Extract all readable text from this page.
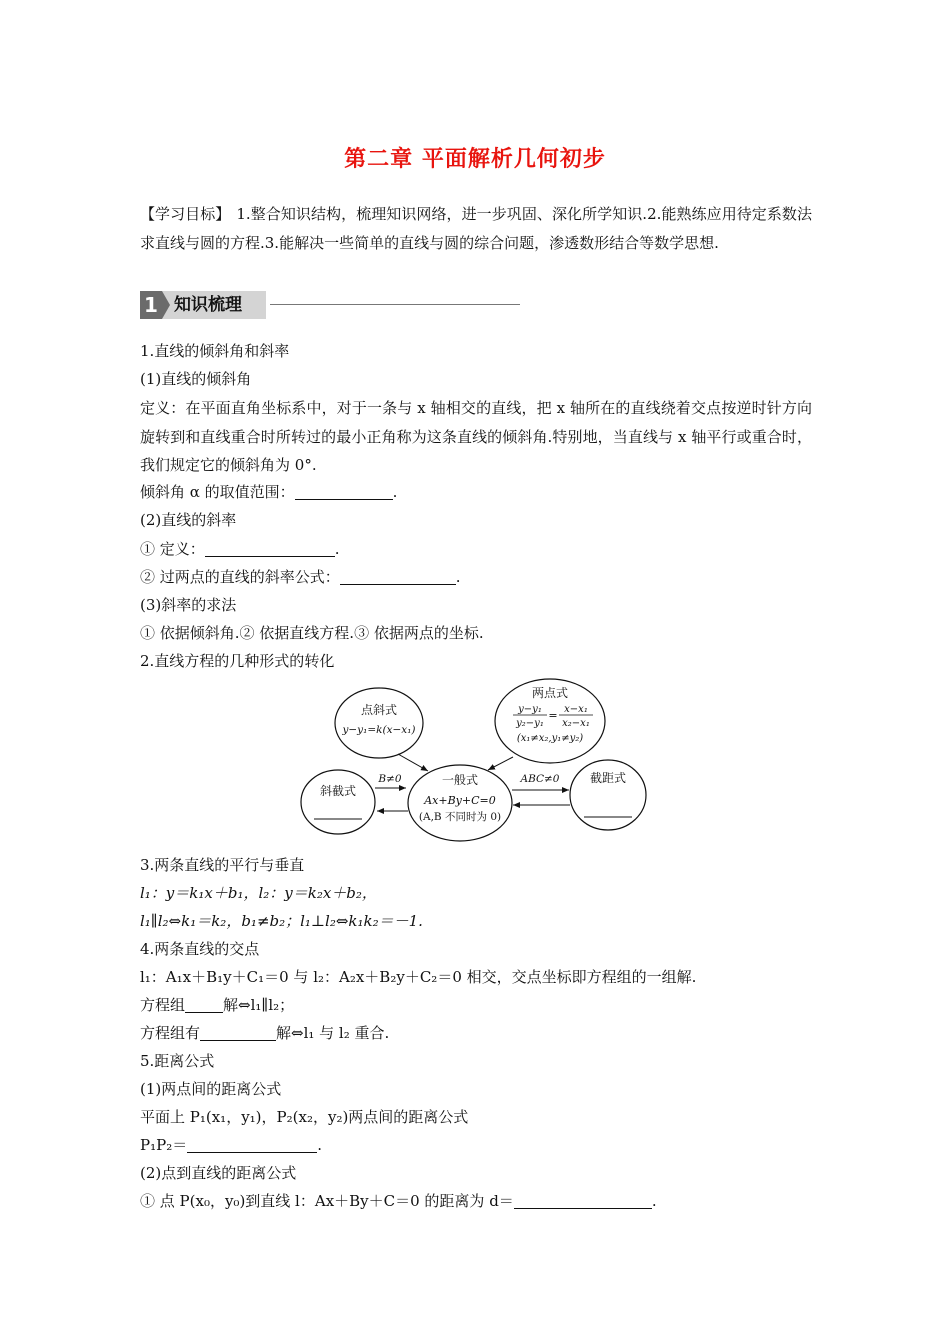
第二章 平面解析几何初步
【学习目标】 1.整合知识结构，梳理知识网络，进一步巩固、深化所学知识.2.能熟练应用待定系数法求直线与圆的方程.3.能解决一些简单的直线与圆的综合问题，渗透数形结合等数学思想.
1 知识梳理
1.直线的倾斜角和斜率
(1)直线的倾斜角
定义：在平面直角坐标系中，对于一条与 x 轴相交的直线，把 x 轴所在的直线绕着交点按逆时针方向旋转到和直线重合时所转过的最小正角称为这条直线的倾斜角.特别地，当直线与 x 轴平行或重合时，我们规定它的倾斜角为 0°.
倾斜角 α 的取值范围：	.
(2)直线的斜率
① 定义：	.
② 过两点的直线的斜率公式：	.
(3)斜率的求法
① 依据倾斜角.② 依据直线方程.③ 依据两点的坐标.
2.直线方程的几种形式的转化
点斜式
y−y₁=k(x−x₁)
两点式
y−y₁
y₂−y₁
= x−x₁
x₂−x₁
(x₁≠x₂,y₁≠y₂)
斜截式
一般式
Ax+By+C=0
(A,B 不同时为 0)
截距式
B≠0	ABC≠0
3.两条直线的平行与垂直
l₁：y＝k₁x＋b₁，l₂：y＝k₂x＋b₂，
l₁∥l₂⇔k₁＝k₂，b₁≠b₂；l₁⊥l₂⇔k₁k₂＝－1.
4.两条直线的交点
l₁：A₁x＋B₁y＋C₁＝0 与 l₂：A₂x＋B₂y＋C₂＝0 相交，交点坐标即方程组的一组解.
方程组	解⇔l₁∥l₂；
方程组有	解⇔l₁ 与 l₂ 重合.
5.距离公式
(1)两点间的距离公式
平面上 P₁(x₁，y₁)，P₂(x₂，y₂)两点间的距离公式
P₁P₂＝	.
(2)点到直线的距离公式
① 点 P(x₀，y₀)到直线 l：Ax＋By＋C＝0 的距离为 d＝	.
